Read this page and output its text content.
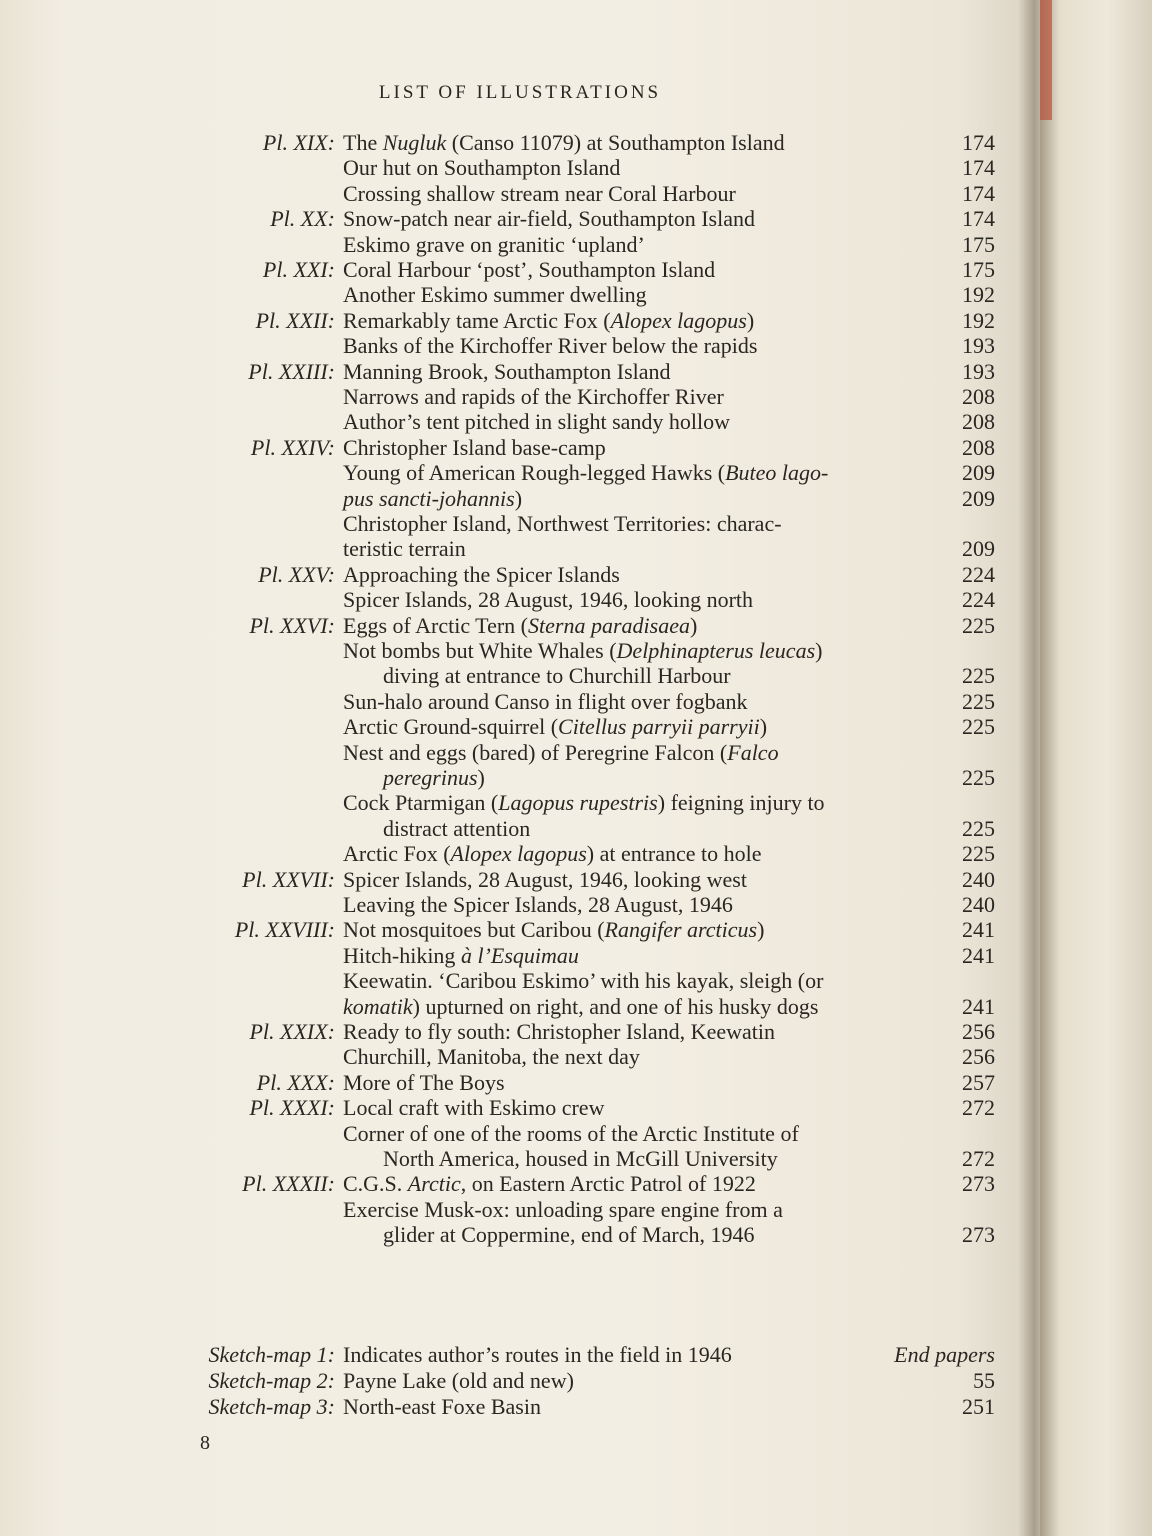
LIST OF ILLUSTRATIONS
Pl. XIX: The Nugluk (Canso 11079) at Southampton Island	174
Our hut on Southampton Island	174
Crossing shallow stream near Coral Harbour	174
Pl. XX: Snow-patch near air-field, Southampton Island	174
Eskimo grave on granitic ‘upland’	175
Pl. XXI: Coral Harbour ‘post’, Southampton Island	175
Another Eskimo summer dwelling	192
Pl. XXII: Remarkably tame Arctic Fox (Alopex lagopus)	192
Banks of the Kirchoffer River below the rapids	193
Pl. XXIII: Manning Brook, Southampton Island	193
Narrows and rapids of the Kirchoffer River	208
Author’s tent pitched in slight sandy hollow	208
Pl. XXIV: Christopher Island base-camp	208
Young of American Rough-legged Hawks (Buteo lago-	209
pus sancti-johannis)	209
Christopher Island, Northwest Territories: charac-
teristic terrain	209
Pl. XXV: Approaching the Spicer Islands	224
Spicer Islands, 28 August, 1946, looking north	224
Pl. XXVI: Eggs of Arctic Tern (Sterna paradisaea)	225
Not bombs but White Whales (Delphinapterus leucas)
diving at entrance to Churchill Harbour	225
Sun-halo around Canso in flight over fogbank	225
Arctic Ground-squirrel (Citellus parryii parryii)	225
Nest and eggs (bared) of Peregrine Falcon (Falco
peregrinus)	225
Cock Ptarmigan (Lagopus rupestris) feigning injury to
distract attention	225
Arctic Fox (Alopex lagopus) at entrance to hole	225
Pl. XXVII: Spicer Islands, 28 August, 1946, looking west	240
Leaving the Spicer Islands, 28 August, 1946	240
Pl. XXVIII: Not mosquitoes but Caribou (Rangifer arcticus)	241
Hitch-hiking à l’Esquimau	241
Keewatin. ‘Caribou Eskimo’ with his kayak, sleigh (or
komatik) upturned on right, and one of his husky dogs	241
Pl. XXIX: Ready to fly south: Christopher Island, Keewatin	256
Churchill, Manitoba, the next day	256
Pl. XXX: More of The Boys	257
Pl. XXXI: Local craft with Eskimo crew	272
Corner of one of the rooms of the Arctic Institute of
North America, housed in McGill University	272
Pl. XXXII: C.G.S. Arctic, on Eastern Arctic Patrol of 1922	273
Exercise Musk-ox: unloading spare engine from a
glider at Coppermine, end of March, 1946	273
Sketch-map 1: Indicates author’s routes in the field in 1946	End papers
Sketch-map 2: Payne Lake (old and new)	55
Sketch-map 3: North-east Foxe Basin	251
8
